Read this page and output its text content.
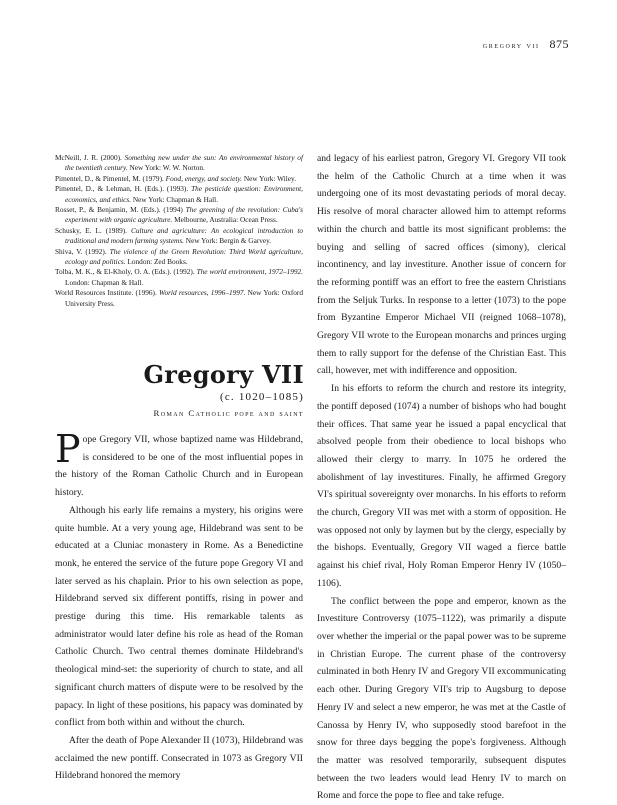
gregory vii 875

McNeill, J. R. (2000). Something new under the sun: An environmental history of the twentieth century. New York: W. W. Norton.

Pimentel, D., & Pimentel, M. (1979). Food, energy, and society. New York: Wiley.

Pimentel, D., & Lehman, H. (Eds.). (1993). The pesticide question: Environment, economics, and ethics. New York: Chapman & Hall.

Rosset, P., & Benjamin, M. (Eds.). (1994) The greening of the revolution: Cuba's experiment with organic agriculture. Melbourne, Australia: Ocean Press.

Schusky, E. L. (1989). Culture and agriculture: An ecological introduction to traditional and modern farming systems. New York: Bergin & Garvey.

Shiva, V. (1992). The violence of the Green Revolution: Third World agriculture, ecology and politics. London: Zed Books.

Tolba, M. K., & El-Kholy, O. A. (Eds.). (1992). The world environment, 1972–1992. London: Chapman & Hall.

World Resources Institute. (1996). World resources, 1996–1997. New York: Oxford University Press.

Gregory VII
(c. 1020–1085)
Roman Catholic pope and saint

Pope Gregory VII, whose baptized name was Hildebrand, is considered to be one of the most influential popes in the history of the Roman Catholic Church and in European history.

Although his early life remains a mystery, his origins were quite humble. At a very young age, Hildebrand was sent to be educated at a Cluniac monastery in Rome. As a Benedictine monk, he entered the service of the future pope Gregory VI and later served as his chaplain. Prior to his own selection as pope, Hildebrand served six different pontiffs, rising in power and prestige during this time. His remarkable talents as administrator would later define his role as head of the Roman Catholic Church. Two central themes dominate Hildebrand's theological mind-set: the superiority of church to state, and all significant church matters of dispute were to be resolved by the papacy. In light of these positions, his papacy was dominated by conflict from both within and without the church.

After the death of Pope Alexander II (1073), Hildebrand was acclaimed the new pontiff. Consecrated in 1073 as Gregory VII Hildebrand honored the memory

and legacy of his earliest patron, Gregory VI. Gregory VII took the helm of the Catholic Church at a time when it was undergoing one of its most devastating periods of moral decay. His resolve of moral character allowed him to attempt reforms within the church and battle its most significant problems: the buying and selling of sacred offices (simony), clerical incontinency, and lay investiture. Another issue of concern for the reforming pontiff was an effort to free the eastern Christians from the Seljuk Turks. In response to a letter (1073) to the pope from Byzantine Emperor Michael VII (reigned 1068–1078), Gregory VII wrote to the European monarchs and princes urging them to rally support for the defense of the Christian East. This call, however, met with indifference and opposition.

In his efforts to reform the church and restore its integrity, the pontiff deposed (1074) a number of bishops who had bought their offices. That same year he issued a papal encyclical that absolved people from their obedience to local bishops who allowed their clergy to marry. In 1075 he ordered the abolishment of lay investitures. Finally, he affirmed Gregory VI's spiritual sovereignty over monarchs. In his efforts to reform the church, Gregory VII was met with a storm of opposition. He was opposed not only by laymen but by the clergy, especially by the bishops. Eventually, Gregory VII waged a fierce battle against his chief rival, Holy Roman Emperor Henry IV (1050–1106).

The conflict between the pope and emperor, known as the Investiture Controversy (1075–1122), was primarily a dispute over whether the imperial or the papal power was to be supreme in Christian Europe. The current phase of the controversy culminated in both Henry IV and Gregory VII excommunicating each other. During Gregory VII's trip to Augsburg to depose Henry IV and select a new emperor, he was met at the Castle of Canossa by Henry IV, who supposedly stood barefoot in the snow for three days begging the pope's forgiveness. Although the matter was resolved temporarily, subsequent disputes between the two leaders would lead Henry IV to march on Rome and force the pope to flee and take refuge.
